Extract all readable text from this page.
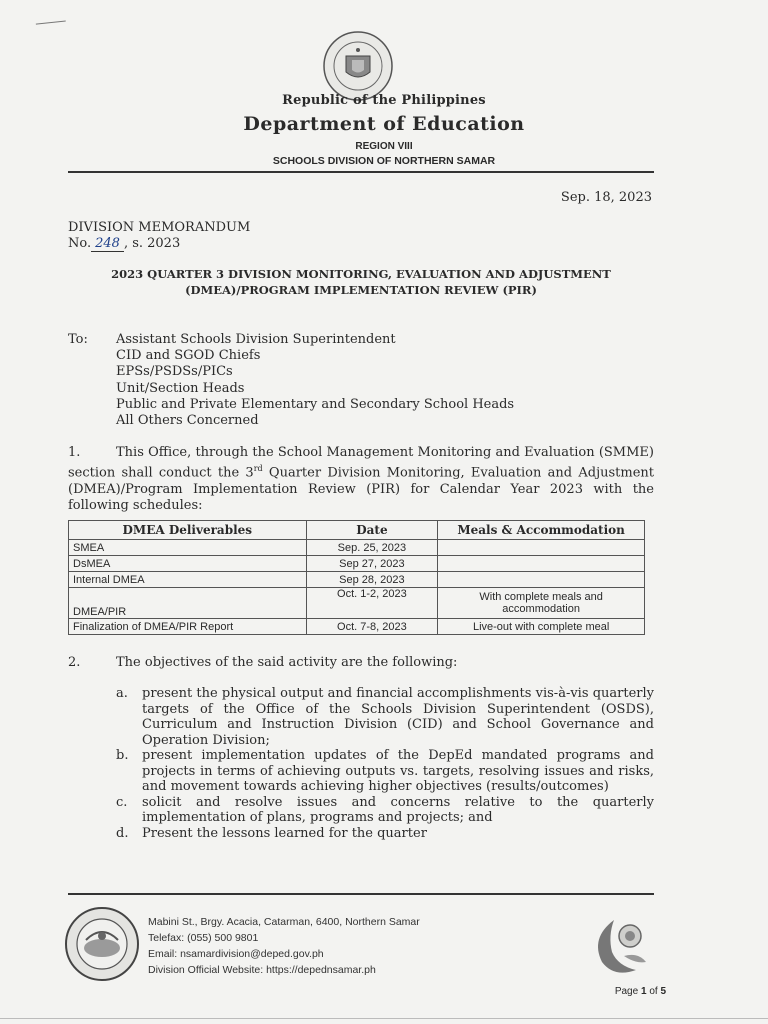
Republic of the Philippines
Department of Education
REGION VIII
SCHOOLS DIVISION OF NORTHERN SAMAR
Sep. 18, 2023
DIVISION MEMORANDUM
No. 248 , s. 2023
2023 QUARTER 3 DIVISION MONITORING, EVALUATION AND ADJUSTMENT
(DMEA)/PROGRAM IMPLEMENTATION REVIEW (PIR)
To: Assistant Schools Division Superintendent
CID and SGOD Chiefs
EPSs/PSDSs/PICs
Unit/Section Heads
Public and Private Elementary and Secondary School Heads
All Others Concerned
1.	This Office, through the School Management Monitoring and Evaluation (SMME) section shall conduct the 3rd Quarter Division Monitoring, Evaluation and Adjustment (DMEA)/Program Implementation Review (PIR) for Calendar Year 2023 with the following schedules:
DMEA Deliverables	Date	Meals & Accommodation
SMEA	Sep. 25, 2023	
DsMEA	Sep 27, 2023	
Internal DMEA	Sep 28, 2023	
DMEA/PIR	Oct. 1-2, 2023	With complete meals and accommodation
Finalization of DMEA/PIR Report	Oct. 7-8, 2023	Live-out with complete meal
2.	The objectives of the said activity are the following:
a. present the physical output and financial accomplishments vis-à-vis quarterly targets of the Office of the Schools Division Superintendent (OSDS), Curriculum and Instruction Division (CID) and School Governance and Operation Division;
b. present implementation updates of the DepEd mandated programs and projects in terms of achieving outputs vs. targets, resolving issues and risks, and movement towards achieving higher objectives (results/outcomes)
c. solicit and resolve issues and concerns relative to the quarterly implementation of plans, programs and projects; and
d. Present the lessons learned for the quarter
Mabini St., Brgy. Acacia, Catarman, 6400, Northern Samar
Telefax: (055) 500 9801
Email: nsamardivision@deped.gov.ph
Division Official Website: https://depednsamar.ph
Page 1 of 5
